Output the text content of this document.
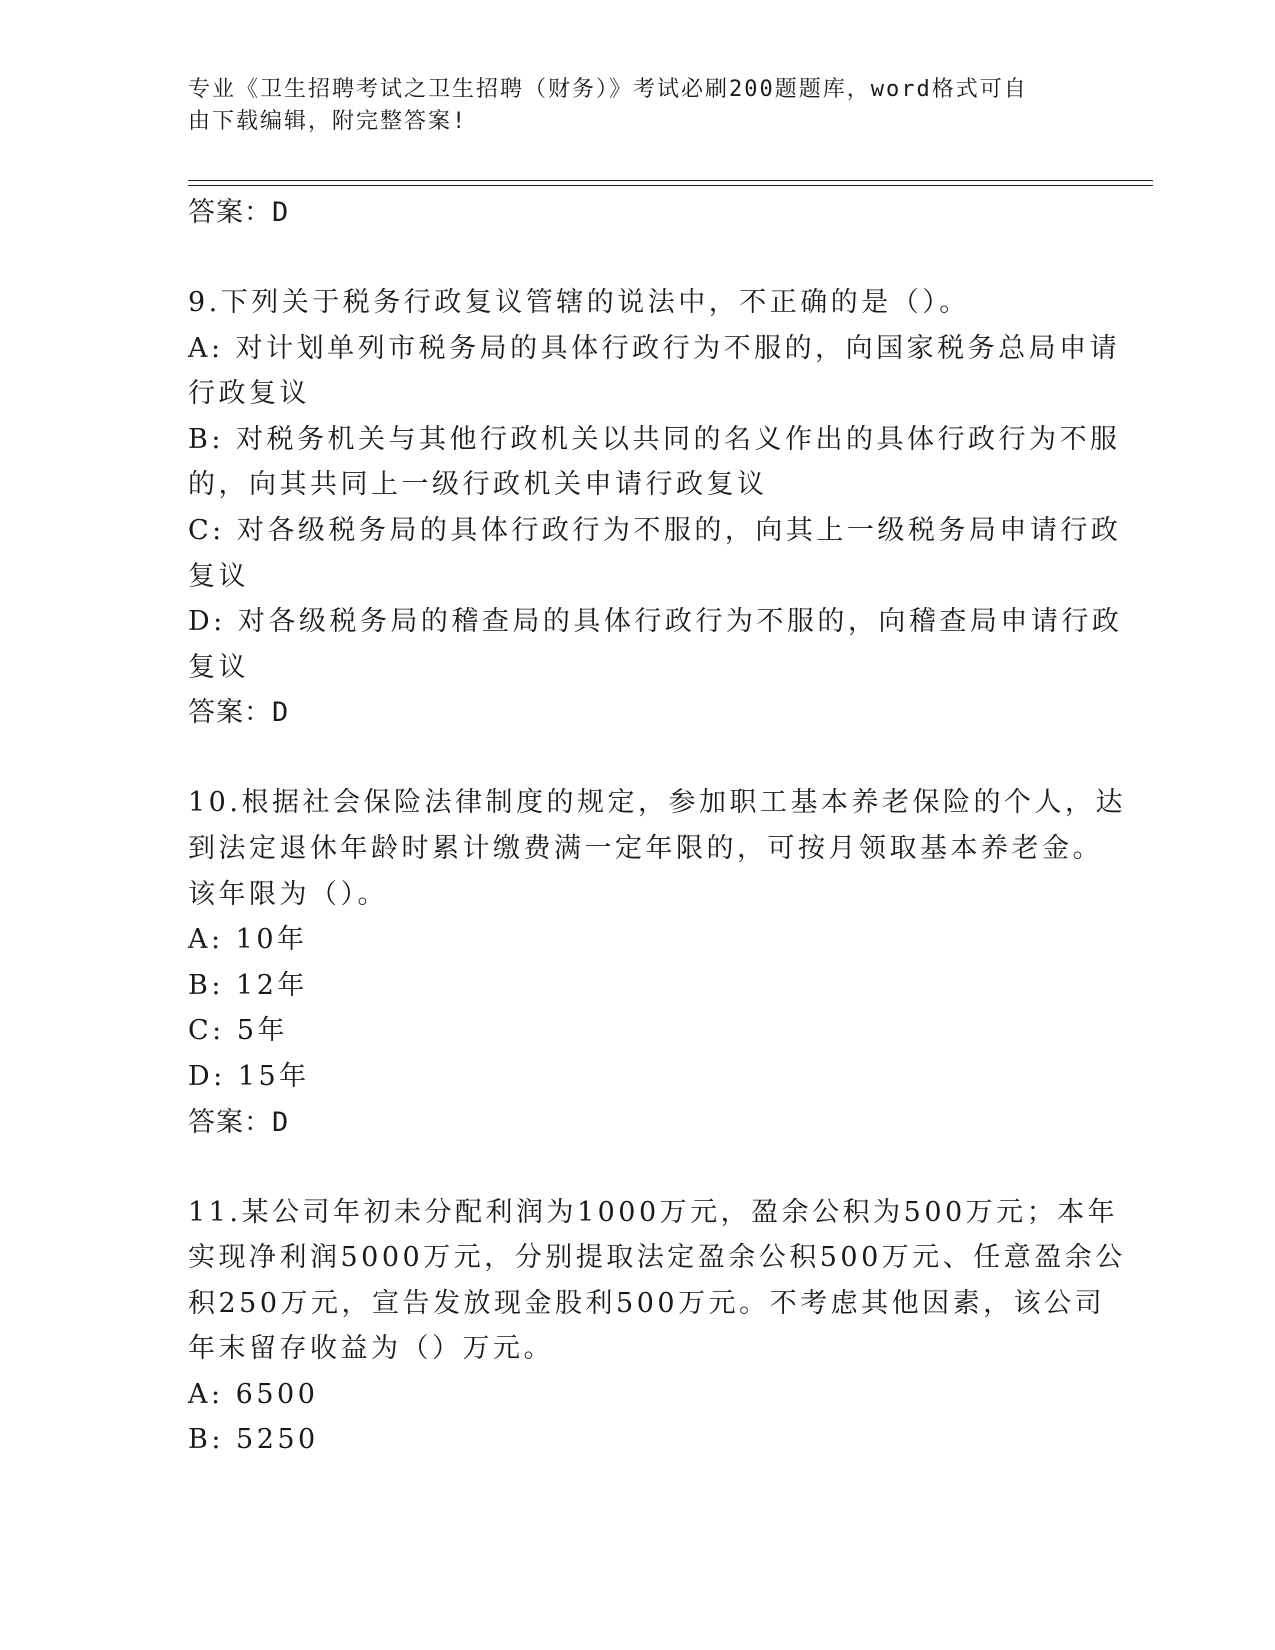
专业《卫生招聘考试之卫生招聘（财务）》考试必刷200题题库，word格式可自
由下载编辑，附完整答案!
答案：D
9.下列关于税务行政复议管辖的说法中，不正确的是（）。
A: 对计划单列市税务局的具体行政行为不服的，向国家税务总局申请
行政复议
B: 对税务机关与其他行政机关以共同的名义作出的具体行政行为不服
的，向其共同上一级行政机关申请行政复议
C: 对各级税务局的具体行政行为不服的，向其上一级税务局申请行政
复议
D: 对各级税务局的稽查局的具体行政行为不服的，向稽查局申请行政
复议
答案：D
10.根据社会保险法律制度的规定，参加职工基本养老保险的个人，达
到法定退休年龄时累计缴费满一定年限的，可按月领取基本养老金。
该年限为（）。
A: 10年
B: 12年
C: 5年
D: 15年
答案：D
11.某公司年初未分配利润为1000万元，盈余公积为500万元；本年
实现净利润5000万元，分别提取法定盈余公积500万元、任意盈余公
积250万元，宣告发放现金股利500万元。不考虑其他因素，该公司
年末留存收益为（）万元。
A: 6500
B: 5250
